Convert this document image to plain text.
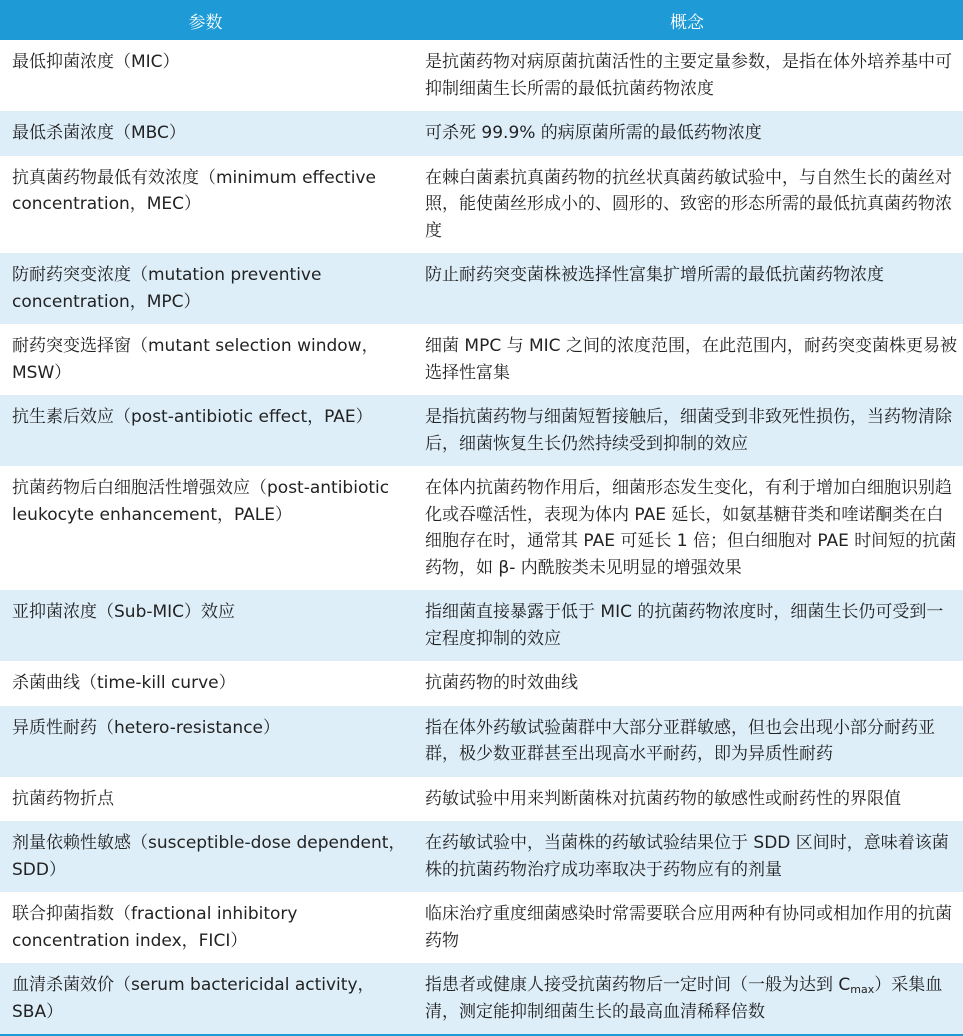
参数	概念
最低抑菌浓度（MIC）	是抗菌药物对病原菌抗菌活性的主要定量参数，是指在体外培养基中可抑制细菌生长所需的最低抗菌药物浓度
最低杀菌浓度（MBC）	可杀死 99.9% 的病原菌所需的最低药物浓度
抗真菌药物最低有效浓度（minimum effective concentration，MEC）	在棘白菌素抗真菌药物的抗丝状真菌药敏试验中，与自然生长的菌丝对照，能使菌丝形成小的、圆形的、致密的形态所需的最低抗真菌药物浓度
防耐药突变浓度（mutation preventive concentration，MPC）	防止耐药突变菌株被选择性富集扩增所需的最低抗菌药物浓度
耐药突变选择窗（mutant selection window，MSW）	细菌 MPC 与 MIC 之间的浓度范围，在此范围内，耐药突变菌株更易被选择性富集
抗生素后效应（post-antibiotic effect，PAE）	是指抗菌药物与细菌短暂接触后，细菌受到非致死性损伤，当药物清除后，细菌恢复生长仍然持续受到抑制的效应
抗菌药物后白细胞活性增强效应（post-antibiotic leukocyte enhancement，PALE）	在体内抗菌药物作用后，细菌形态发生变化，有利于增加白细胞识别趋化或吞噬活性，表现为体内 PAE 延长，如氨基糖苷类和喹诺酮类在白细胞存在时，通常其 PAE 可延长 1 倍；但白细胞对 PAE 时间短的抗菌药物，如 β- 内酰胺类未见明显的增强效果
亚抑菌浓度（Sub-MIC）效应	指细菌直接暴露于低于 MIC 的抗菌药物浓度时，细菌生长仍可受到一定程度抑制的效应
杀菌曲线（time-kill curve）	抗菌药物的时效曲线
异质性耐药（hetero-resistance）	指在体外药敏试验菌群中大部分亚群敏感，但也会出现小部分耐药亚群，极少数亚群甚至出现高水平耐药，即为异质性耐药
抗菌药物折点	药敏试验中用来判断菌株对抗菌药物的敏感性或耐药性的界限值
剂量依赖性敏感（susceptible-dose dependent，SDD）	在药敏试验中，当菌株的药敏试验结果位于 SDD 区间时，意味着该菌株的抗菌药物治疗成功率取决于药物应有的剂量
联合抑菌指数（fractional inhibitory concentration index，FICI）	临床治疗重度细菌感染时常需要联合应用两种有协同或相加作用的抗菌药物
血清杀菌效价（serum bactericidal activity，SBA）	指患者或健康人接受抗菌药物后一定时间（一般为达到 $C_{max}$）采集血清，测定能抑制细菌生长的最高血清稀释倍数
